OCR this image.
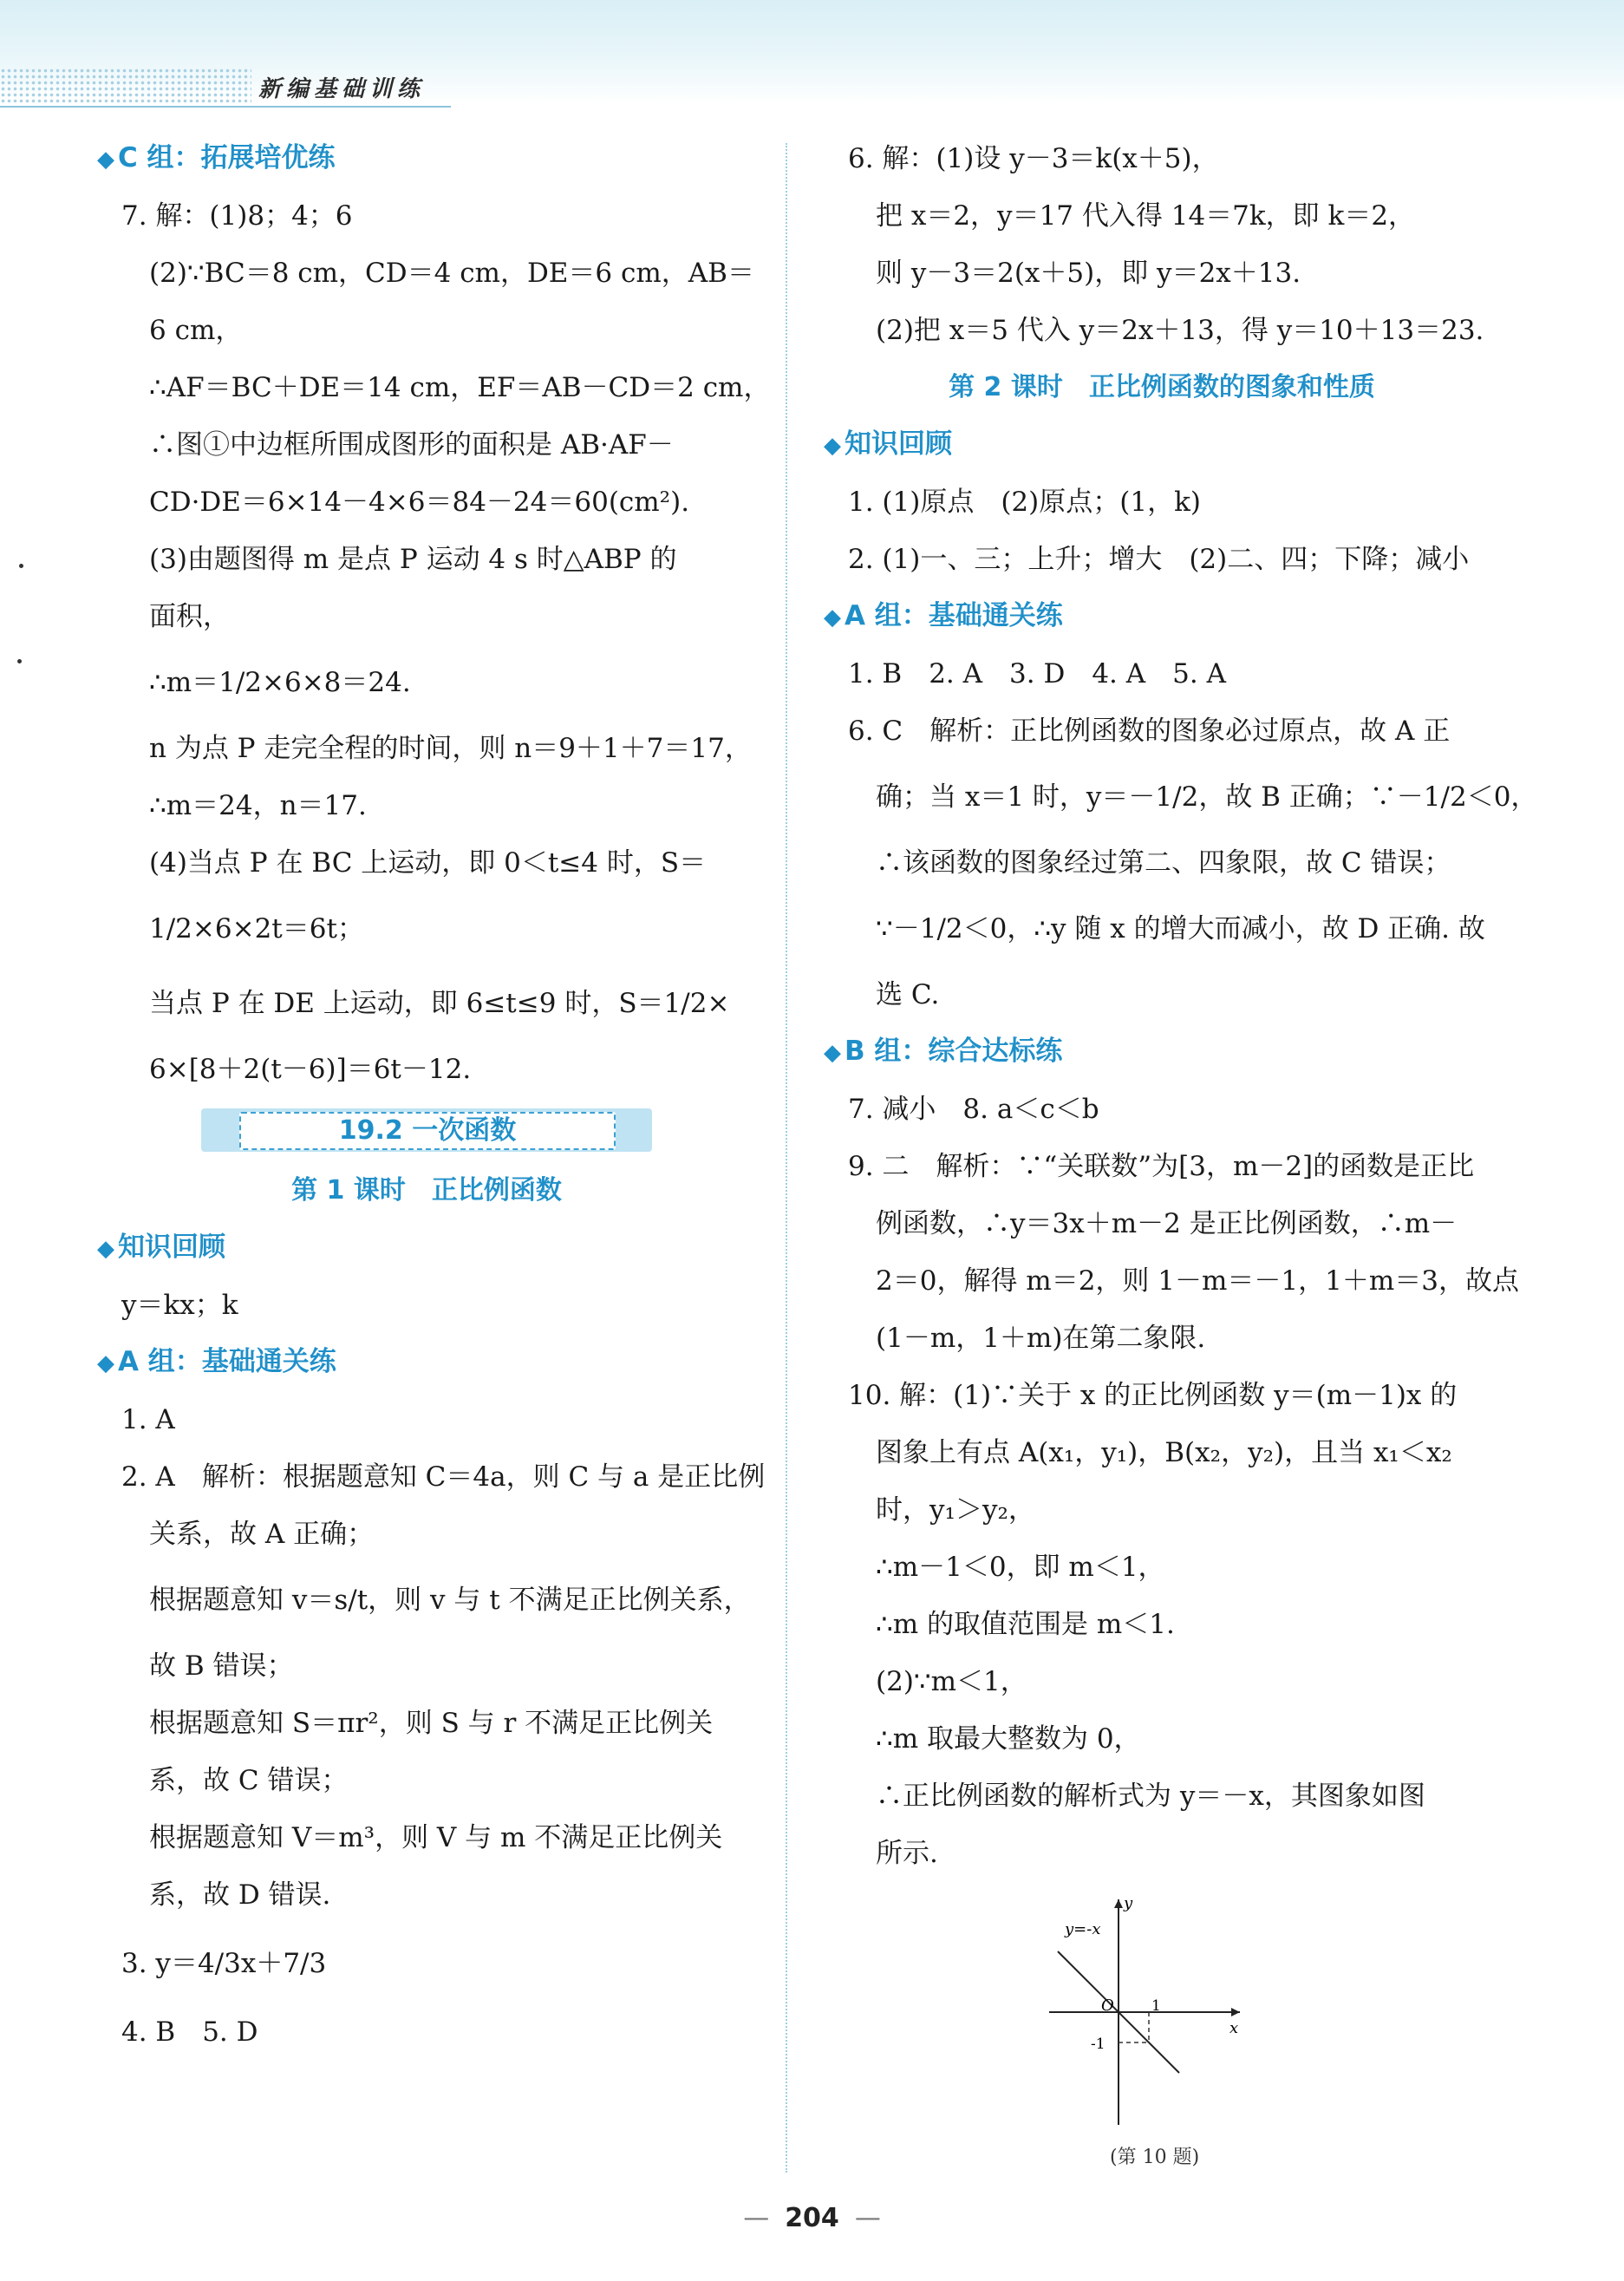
新编基础训练
◆ C 组：拓展培优练
7. 解：(1)8；4；6
(2)∵BC＝8 cm，CD＝4 cm，DE＝6 cm，AB＝
6 cm，
∴AF＝BC＋DE＝14 cm，EF＝AB－CD＝2 cm，
∴图①中边框所围成图形的面积是 AB·AF－
CD·DE＝6×14－4×6＝84－24＝60(cm²).
(3)由题图得 m 是点 P 运动 4 s 时△ABP 的
面积，
∴m＝1/2×6×8＝24.
n 为点 P 走完全程的时间，则 n＝9＋1＋7＝17，
∴m＝24，n＝17.
(4)当点 P 在 BC 上运动，即 0＜t≤4 时，S＝
1/2×6×2t＝6t；
当点 P 在 DE 上运动，即 6≤t≤9 时，S＝1/2×
6×[8＋2(t－6)]＝6t－12.
19.2 一次函数
第 1 课时　正比例函数
◆ 知识回顾
y＝kx；k
◆ A 组：基础通关练
1. A
2. A　解析：根据题意知 C＝4a，则 C 与 a 是正比例
关系，故 A 正确；
根据题意知 v＝s/t，则 v 与 t 不满足正比例关系，
故 B 错误；
根据题意知 S＝πr²，则 S 与 r 不满足正比例关
系，故 C 错误；
根据题意知 V＝m³，则 V 与 m 不满足正比例关
系，故 D 错误.
3. y＝4/3x＋7/3
4. B　5. D
6. 解：(1)设 y－3＝k(x＋5)，
把 x＝2，y＝17 代入得 14＝7k，即 k＝2，
则 y－3＝2(x＋5)，即 y＝2x＋13.
(2)把 x＝5 代入 y＝2x＋13，得 y＝10＋13＝23.
第 2 课时　正比例函数的图象和性质
◆ 知识回顾
1. (1)原点　(2)原点；(1，k)
2. (1)一、三；上升；增大　(2)二、四；下降；减小
◆ A 组：基础通关练
1. B　2. A　3. D　4. A　5. A
6. C　解析：正比例函数的图象必过原点，故 A 正
确；当 x＝1 时，y＝－1/2，故 B 正确；∵－1/2＜0，
∴该函数的图象经过第二、四象限，故 C 错误；
∵－1/2＜0，∴y 随 x 的增大而减小，故 D 正确. 故
选 C.
◆ B 组：综合达标练
7. 减小　8. a＜c＜b
9. 二　解析：∵“关联数”为[3，m－2]的函数是正比
例函数，∴y＝3x＋m－2 是正比例函数，∴m－
2＝0，解得 m＝2，则 1－m＝－1，1＋m＝3，故点
(1－m，1＋m)在第二象限.
10. 解：(1)∵关于 x 的正比例函数 y＝(m－1)x 的
图象上有点 A(x₁，y₁)，B(x₂，y₂)，且当 x₁＜x₂
时，y₁＞y₂，
∴m－1＜0，即 m＜1，
∴m 的取值范围是 m＜1.
(2)∵m＜1，
∴m 取最大整数为 0，
∴正比例函数的解析式为 y＝－x，其图象如图
所示.
y=-x
y
x
O	1
-1
(第 10 题)
— 204 —
